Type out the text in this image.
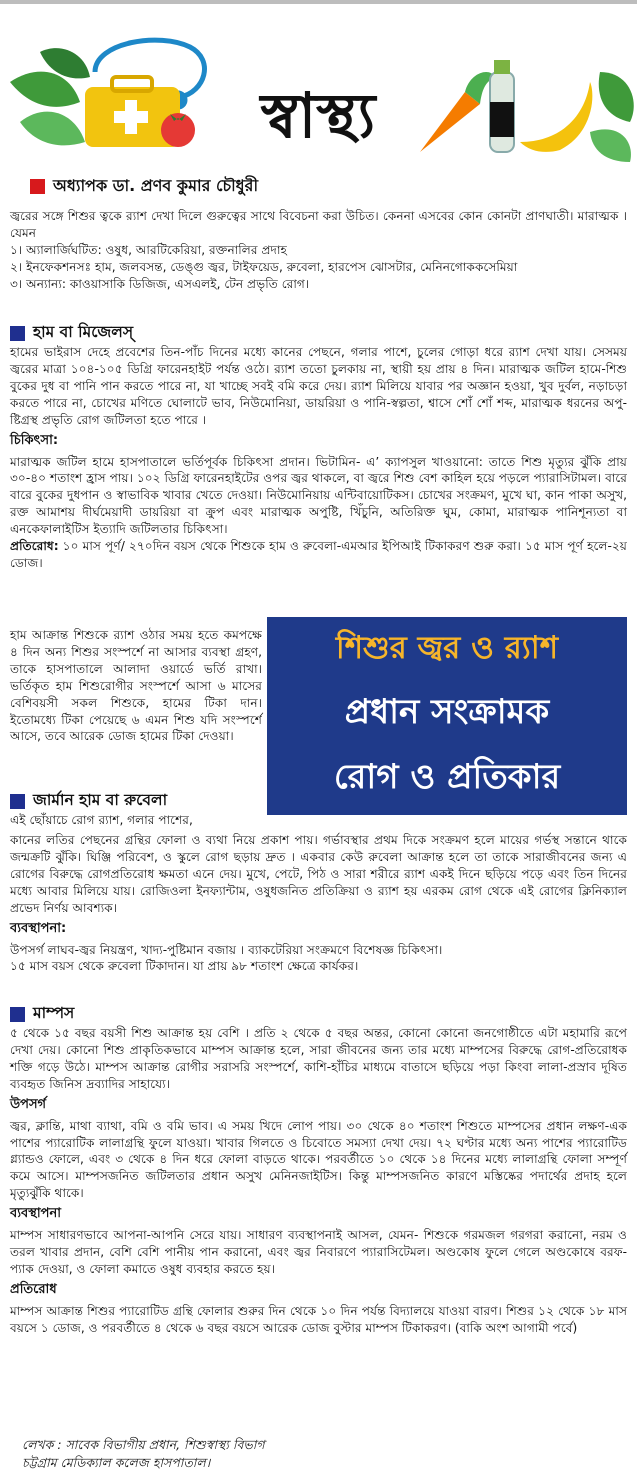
স্বাস্থ্য
অধ্যাপক ডা. প্রণব কুমার চৌধুরী

জ্বরের সঙ্গে শিশুর ত্বকে র‌্যাশ দেখা দিলে গুরুত্বের সাথে বিবেচনা করা উচিত। কেননা এসবের কোন কোনটা প্রাণঘাতী। মারাত্মক । যেমন

১। অ্যালার্জিঘটিত: ওষুধ, আরটিকেরিয়া, রক্তনালির প্রদাহ

২। ইনফেকশনসঃ হাম, জলবসন্ত, ডেঙ্গু জ্বর, টাইফয়েড, রুবেলা, হারপেস ঝোসটার, মেনিনগোককসেমিয়া

৩। অন্যান্য: কাওয়াসাকি ডিজিজ, এসএলই, টেন প্রভৃতি রোগ।

হাম বা মিজেলস্

হামের ভাইরাস দেহে প্রবেশের তিন-পাঁচ দিনের মধ্যে কানের পেছনে, গলার পাশে, চুলের গোড়া ধরে র‌্যাশ দেখা যায়। সেসময় জ্বরের মাত্রা ১০৪-১০৫ ডিগ্রি ফারেনহাইট পর্যন্ত ওঠে। র‌্যাশ ততো চুলকায় না, স্থায়ী হয় প্রায় ৪ দিন। মারাত্মক জটিল হামে-শিশু বুকের দুধ বা পানি পান করতে পারে না, যা খাচ্ছে সবই বমি করে দেয়। র‌্যাশ মিলিয়ে যাবার পর অজ্ঞান হওয়া, খুব দুর্বল, নড়াচড়া করতে পারে না, চোখের মণিতে ঘোলাটে ভাব, নিউমোনিয়া, ডায়রিয়া ও পানি-স্বল্পতা, শ্বাসে শোঁ শোঁ শব্দ, মারাত্মক ধরনের অপু-ষ্টিগ্রস্থ প্রভৃতি রোগ জটিলতা হতে পারে ।

চিকিৎসা:

মারাত্মক জটিল হামে হাসপাতালে ভর্তিপূর্বক চিকিৎসা প্রদান। ভিটামিন- এ’ ক্যাপসুল খাওয়ানো: তাতে শিশু মৃত্যুর ঝুঁকি প্রায় ৩০-৪০ শতাংশ হ্রাস পায়। ১০২ ডিগ্রি ফারেনহাইটের ওপর জ্বর থাকলে, বা জ্বরে শিশু বেশ কাহিল হয়ে পড়লে প্যারাসিটামল। বারে বারে বুকের দুধপান ও স্বাভাবিক খাবার খেতে দেওয়া। নিউমোনিয়ায় এন্টিবায়োটিকস। চোখের সংক্রমণ, মুখে ঘা, কান পাকা অসুখ, রক্ত আমাশয় দীর্ঘমেয়াদী ডায়রিয়া বা ক্রুপ এবং মারাত্মক অপুষ্টি, খিঁচুনি, অতিরিক্ত ঘুম, কোমা, মারাত্মক পানিশূন্যতা বা এনকেফালাইটিস ইত্যাদি জটিলতার চিকিৎসা।

প্রতিরোধ: ১০ মাস পূর্ণ/ ২৭০দিন বয়স থেকে শিশুকে হাম ও রুবেলা-এমআর ইপিআই টিকাকরণ শুরু করা। ১৫ মাস পূর্ণ হলে-২য় ডোজ।

হাম আক্রান্ত শিশুকে র‌্যাশ ওঠার সময় হতে কমপক্ষে ৪ দিন অন্য শিশুর সংস্পর্শে না আসার ব্যবস্থা গ্রহণ, তাকে হাসপাতালে আলাদা ওয়ার্ডে ভর্তি রাখা। ভর্তিকৃত হাম শিশুরোগীর সংস্পর্শে আসা ৬ মাসের বেশিবয়সী সকল শিশুকে, হামের টিকা দান। ইতোমধ্যে টিকা পেয়েছে ৬ এমন শিশু যদি সংস্পর্শে আসে, তবে আরেক ডোজ হামের টিকা দেওয়া।

শিশুর জ্বর ও র‌্যাশ
প্রধান সংক্রামক
রোগ ও প্রতিকার
জার্মান হাম বা রুবেলা

এই ছোঁয়াচে রোগ র‌্যাশ, গলার পাশের,

কানের লতির পেছনের গ্রন্থির ফোলা ও ব্যথা নিয়ে প্রকাশ পায়। গর্ভাবস্থার প্রথম দিকে সংক্রমণ হলে মায়ের গর্ভস্থ সন্তানে থাকে জন্মক্রটি ঝুঁকি। ঘিঞ্জি পরিবেশ, ও স্কুলে রোগ ছড়ায় দ্রুত । একবার কেউ রুবেলা আক্রান্ত হলে তা তাকে সারাজীবনের জন্য এ রোগের বিরুদ্ধে রোগপ্রতিরোধ ক্ষমতা এনে দেয়। মুখে, পেটে, পিঠ ও সারা শরীরে র‌্যাশ একই দিনে ছড়িয়ে পড়ে এবং তিন দিনের মধ্যে আবার মিলিয়ে যায়। রোজিওলা ইনফ্যান্টাম, ওষুধজনিত প্রতিক্রিয়া ও র‌্যাশ হয় এরকম রোগ থেকে এই রোগের ক্লিনিক্যাল প্রভেদ নির্ণয় আবশ্যক।

ব্যবস্থাপনা:

উপসর্গ লাঘব-জ্বর নিয়ন্ত্রণ, খাদ্য-পুষ্টিমান বজায় । ব্যাকটেরিয়া সংক্রমণে বিশেষজ্ঞ চিকিৎসা।

১৫ মাস বয়স থেকে রুবেলা টিকাদান। যা প্রায় ৯৮ শতাংশ ক্ষেত্রে কার্যকর।

মাম্পস

৫ থেকে ১৫ বছর বয়সী শিশু আক্রান্ত হয় বেশি । প্রতি ২ থেকে ৫ বছর অন্তর, কোনো কোনো জনগোষ্ঠীতে এটা মহামারি রূপে দেখা দেয়। কোনো শিশু প্রাকৃতিকভাবে মাম্পস আক্রান্ত হলে, সারা জীবনের জন্য তার মধ্যে মাম্পসের বিরুদ্ধে রোগ-প্রতিরোধক শক্তি গড়ে উঠে। মাম্পস আক্রান্ত রোগীর সরাসরি সংস্পর্শে, কাশি-হাঁচির মাধ্যমে বাতাসে ছড়িয়ে পড়া কিংবা লালা-প্রস্রাব দূষিত ব্যবহৃত জিনিস দ্রব্যাদির সাহায্যে।

উপসর্গ

জ্বর, ক্লান্তি, মাথা ব্যাথা, বমি ও বমি ভাব। এ সময় খিদে লোপ পায়। ৩০ থেকে ৪০ শতাংশ শিশুতে মাম্পসের প্রধান লক্ষণ-এক পাশের প্যারোটিক লালাগ্রন্থি ফুলে যাওয়া। খাবার গিলতে ও চিবোতে সমস্যা দেখা দেয়। ৭২ ঘণ্টার মধ্যে অন্য পাশের প্যারোটিড গ্ল্যান্ডও ফোলে, এবং ৩ থেকে ৪ দিন ধরে ফোলা বাড়তে থাকে। পরবর্তীতে ১০ থেকে ১৪ দিনের মধ্যে লালাগ্রন্থি ফোলা সম্পূর্ণ কমে আসে। মাম্পসজনিত জটিলতার প্রধান অসুখ মেনিনজাইটিস। কিন্তু মাম্পসজনিত কারণে মস্তিষ্কের পদার্থের প্রদাহ হলে মৃত্যুঝুঁকি থাকে।

ব্যবস্থাপনা

মাম্পস সাধারণভাবে আপনা-আপনি সেরে যায়। সাধারণ ব্যবস্থাপনাই আসল, যেমন- শিশুকে গরমজল গরগরা করানো, নরম ও তরল খাবার প্রদান, বেশি বেশি পানীয় পান করানো, এবং জ্বর নিবারণে প্যারাসিটেমল। অণ্ডকোষ ফুলে গেলে অণ্ডকোষে বরফ-প্যাক দেওয়া, ও ফোলা কমাতে ওষুধ ব্যবহার করতে হয়।

প্রতিরোধ

মাম্পস আক্রান্ত শিশুর প্যারোটিড গ্রন্থি ফোলার শুরুর দিন থেকে ১০ দিন পর্যন্ত বিদ্যালয়ে যাওয়া বারণ। শিশুর ১২ থেকে ১৮ মাস বয়সে ১ ডোজ, ও পরবর্তীতে ৪ থেকে ৬ বছর বয়সে আরেক ডোজ বুস্টার মাম্পস টিকাকরণ। (বাকি অংশ আগামী পর্বে)

লেখক : সাবেক বিভাগীয় প্রধান, শিশুস্বাস্থ্য বিভাগ
চট্টগ্রাম মেডিক্যাল কলেজ হাসপাতাল।
